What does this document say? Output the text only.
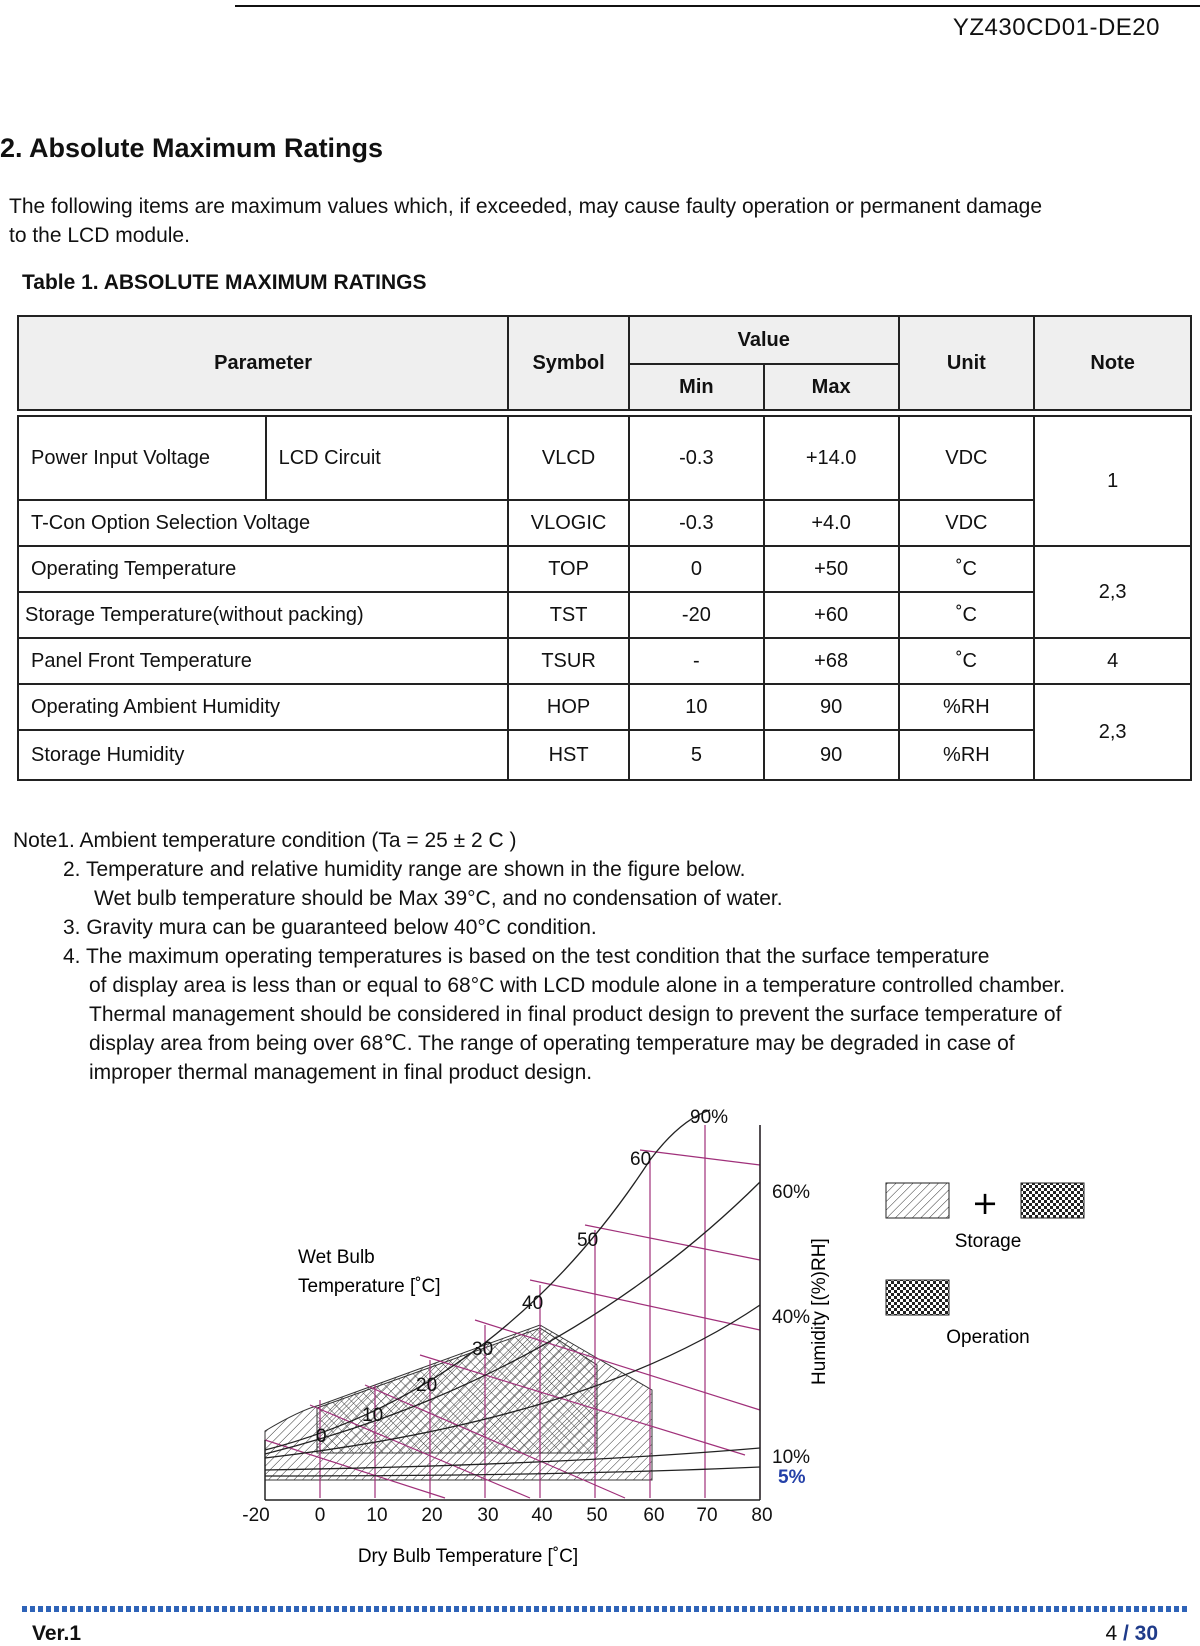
YZ430CD01-DE20
2. Absolute Maximum Ratings
The following items are maximum values which, if exceeded, may cause faulty operation or permanent damage
to the LCD module.
Table 1. ABSOLUTE MAXIMUM RATINGS
Parameter		Symbol	Value		Unit	Note
			Min	Max		

Power Input Voltage	LCD Circuit	VLCD	-0.3	+14.0	VDC	1
T-Con Option Selection Voltage		VLOGIC	-0.3	+4.0	VDC	
Operating Temperature		TOP	0	+50	˚C	2,3
Storage Temperature(without packing)		TST	-20	+60	˚C	
Panel Front Temperature		TSUR	-	+68	˚C	4
Operating Ambient Humidity		HOP	10	90	%RH	2,3
Storage Humidity		HST	5	90	%RH	
Note1. Ambient temperature condition (Ta = 25 ± 2 C )
2. Temperature and relative humidity range are shown in the figure below.
Wet bulb temperature should be Max 39°C, and no condensation of water.
3. Gravity mura can be guaranteed below 40°C condition.
4. The maximum operating temperatures is based on the test condition that the surface temperature
of display area is less than or equal to 68°C with LCD module alone in a temperature controlled chamber.
Thermal management should be considered in final product design to prevent the surface temperature of
display area from being over 68℃. The range of operating temperature may be degraded in case of
improper thermal management in final product design.
-20 0 10 20 30 40 50 60 70 80
Dry Bulb Temperature [˚C]
Wet Bulb
Temperature [˚C]
0
10
20
30
40
50
60
90%
60%
40%
10%
5%
Humidity [(%)RH]
+
Storage
Operation
Ver.1	4 / 30
